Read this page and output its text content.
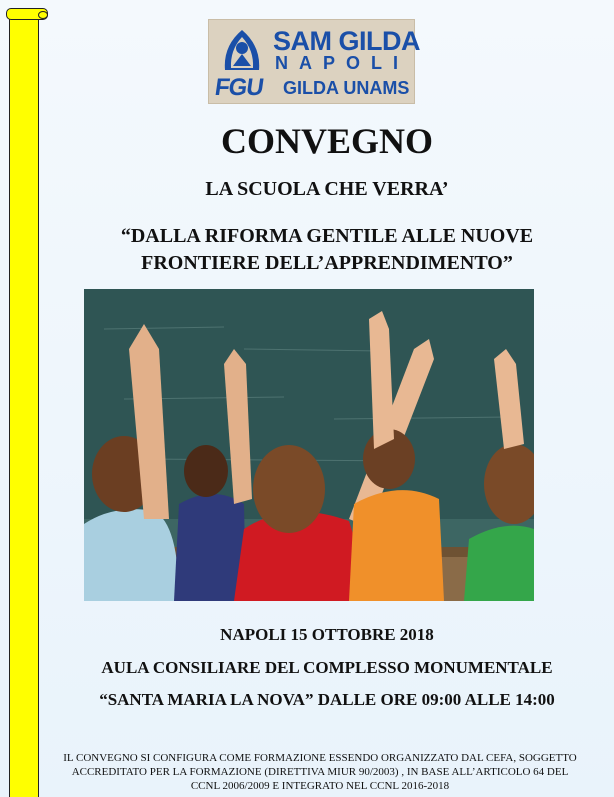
SAM GILDA
NAPOLI
FGU GILDA UNAMS
CONVEGNO
LA SCUOLA CHE VERRA’
“DALLA RIFORMA GENTILE ALLE NUOVE
FRONTIERE DELL’APPRENDIMENTO”
NAPOLI 15 OTTOBRE 2018
AULA CONSILIARE DEL COMPLESSO MONUMENTALE
“SANTA MARIA LA NOVA” DALLE ORE 09:00 ALLE 14:00
IL CONVEGNO SI CONFIGURA COME FORMAZIONE ESSENDO ORGANIZZATO DAL CEFA, SOGGETTO
ACCREDITATO PER LA FORMAZIONE (DIRETTIVA MIUR 90/2003) , IN BASE ALL’ARTICOLO 64 DEL
CCNL 2006/2009 E INTEGRATO NEL CCNL 2016-2018
